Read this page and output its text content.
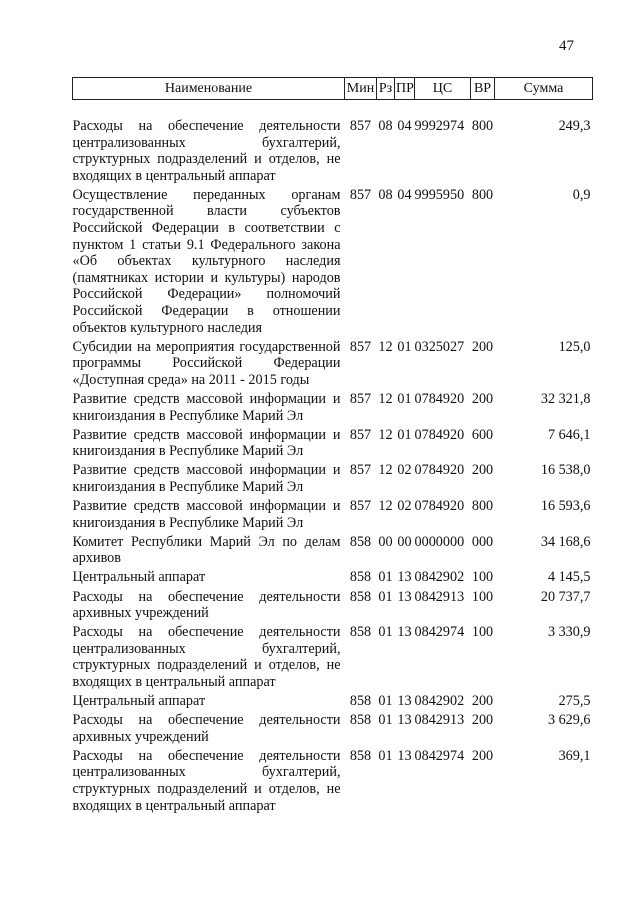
47
Наименование	Мин	Рз	ПР	ЦС	ВР	Сумма

Расходы на обеспечение деятельности централизованных бухгалтерий, структурных подразделений и отделов, не входящих в центральный аппарат	857	08	04	9992974	800	249,3
Осуществление переданных органам государственной власти субъектов Российской Федерации в соответствии с пунктом 1 статьи 9.1 Федерального закона «Об объектах культурного наследия (памятниках истории и культуры) народов Российской Федерации» полномочий Российской Федерации в отношении объектов культурного наследия	857	08	04	9995950	800	0,9
Субсидии на мероприятия государственной программы Российской Федерации «Доступная среда» на 2011 - 2015 годы	857	12	01	0325027	200	125,0
Развитие средств массовой информации и книгоиздания в Республике Марий Эл	857	12	01	0784920	200	32 321,8
Развитие средств массовой информации и книгоиздания в Республике Марий Эл	857	12	01	0784920	600	7 646,1
Развитие средств массовой информации и книгоиздания в Республике Марий Эл	857	12	02	0784920	200	16 538,0
Развитие средств массовой информации и книгоиздания в Республике Марий Эл	857	12	02	0784920	800	16 593,6
Комитет Республики Марий Эл по делам архивов	858	00	00	0000000	000	34 168,6
Центральный аппарат	858	01	13	0842902	100	4 145,5
Расходы на обеспечение деятельности архивных учреждений	858	01	13	0842913	100	20 737,7
Расходы на обеспечение деятельности централизованных бухгалтерий, структурных подразделений и отделов, не входящих в центральный аппарат	858	01	13	0842974	100	3 330,9
Центральный аппарат	858	01	13	0842902	200	275,5
Расходы на обеспечение деятельности архивных учреждений	858	01	13	0842913	200	3 629,6
Расходы на обеспечение деятельности централизованных бухгалтерий, структурных подразделений и отделов, не входящих в центральный аппарат	858	01	13	0842974	200	369,1
